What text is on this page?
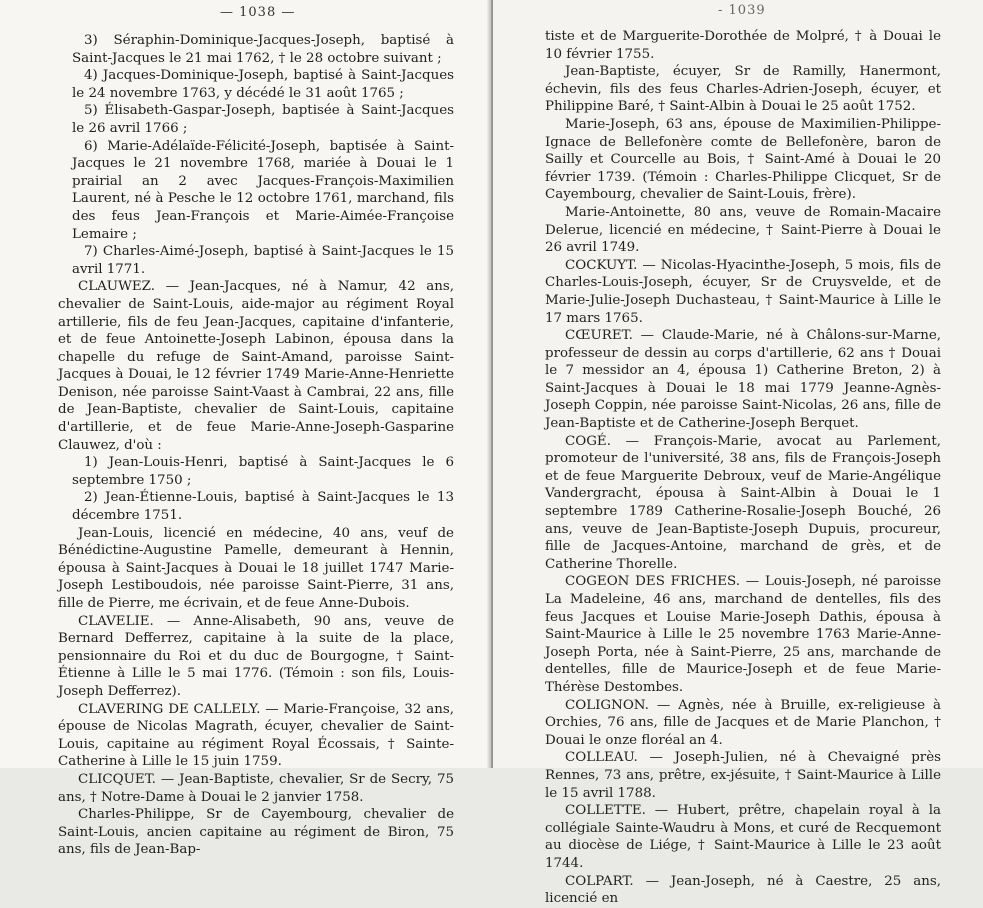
— 1038 —

3) Séraphin-Dominique-Jacques-Joseph, baptisé à Saint-Jacques le 21 mai 1762, † le 28 octobre suivant ;

4) Jacques-Dominique-Joseph, baptisé à Saint-Jacques le 24 novembre 1763, y décédé le 31 août 1765 ;

5) Élisabeth-Gaspar-Joseph, baptisée à Saint-Jacques le 26 avril 1766 ;

6) Marie-Adélaïde-Félicité-Joseph, baptisée à Saint-Jacques le 21 novembre 1768, mariée à Douai le 1 prairial an 2 avec Jacques-François-Maximilien Laurent, né à Pesche le 12 octobre 1761, marchand, fils des feus Jean-François et Marie-Aimée-Françoise Lemaire ;

7) Charles-Aimé-Joseph, baptisé à Saint-Jacques le 15 avril 1771.

CLAUWEZ. — Jean-Jacques, né à Namur, 42 ans, chevalier de Saint-Louis, aide-major au régiment Royal artillerie, fils de feu Jean-Jacques, capitaine d'infanterie, et de feue Antoinette-Joseph Labinon, épousa dans la chapelle du refuge de Saint-Amand, paroisse Saint-Jacques à Douai, le 12 février 1749 Marie-Anne-Henriette Denison, née paroisse Saint-Vaast à Cambrai, 22 ans, fille de Jean-Baptiste, chevalier de Saint-Louis, capitaine d'artillerie, et de feue Marie-Anne-Joseph-Gasparine Clauwez, d'où :

1) Jean-Louis-Henri, baptisé à Saint-Jacques le 6 septembre 1750 ;

2) Jean-Étienne-Louis, baptisé à Saint-Jacques le 13 décembre 1751.

Jean-Louis, licencié en médecine, 40 ans, veuf de Bénédictine-Augustine Pamelle, demeurant à Hennin, épousa à Saint-Jacques à Douai le 18 juillet 1747 Marie-Joseph Lestiboudois, née paroisse Saint-Pierre, 31 ans, fille de Pierre, me écrivain, et de feue Anne-Dubois.

CLAVELIE. — Anne-Alisabeth, 90 ans, veuve de Bernard Defferrez, capitaine à la suite de la place, pensionnaire du Roi et du duc de Bourgogne, † Saint-Étienne à Lille le 5 mai 1776. (Témoin : son fils, Louis-Joseph Defferrez).

CLAVERING DE CALLELY. — Marie-Françoise, 32 ans, épouse de Nicolas Magrath, écuyer, chevalier de Saint-Louis, capitaine au régiment Royal Écossais, † Sainte-Catherine à Lille le 15 juin 1759.

CLICQUET. — Jean-Baptiste, chevalier, Sr de Secry, 75 ans, † Notre-Dame à Douai le 2 janvier 1758.

Charles-Philippe, Sr de Cayembourg, chevalier de Saint-Louis, ancien capitaine au régiment de Biron, 75 ans, fils de Jean-Bap-

- 1039

tiste et de Marguerite-Dorothée de Molpré, † à Douai le 10 février 1755.

Jean-Baptiste, écuyer, Sr de Ramilly, Hanermont, échevin, fils des feus Charles-Adrien-Joseph, écuyer, et Philippine Baré, † Saint-Albin à Douai le 25 août 1752.

Marie-Joseph, 63 ans, épouse de Maximilien-Philippe-Ignace de Bellefonère comte de Bellefonère, baron de Sailly et Courcelle au Bois, † Saint-Amé à Douai le 20 février 1739. (Témoin : Charles-Philippe Clicquet, Sr de Cayembourg, chevalier de Saint-Louis, frère).

Marie-Antoinette, 80 ans, veuve de Romain-Macaire Delerue, licencié en médecine, † Saint-Pierre à Douai le 26 avril 1749.

COCKUYT. — Nicolas-Hyacinthe-Joseph, 5 mois, fils de Charles-Louis-Joseph, écuyer, Sr de Cruysvelde, et de Marie-Julie-Joseph Duchasteau, † Saint-Maurice à Lille le 17 mars 1765.

CŒURET. — Claude-Marie, né à Châlons-sur-Marne, professeur de dessin au corps d'artillerie, 62 ans † Douai le 7 messidor an 4, épousa 1) Catherine Breton, 2) à Saint-Jacques à Douai le 18 mai 1779 Jeanne-Agnès-Joseph Coppin, née paroisse Saint-Nicolas, 26 ans, fille de Jean-Baptiste et de Catherine-Joseph Berquet.

COGÉ. — François-Marie, avocat au Parlement, promoteur de l'université, 38 ans, fils de François-Joseph et de feue Marguerite Debroux, veuf de Marie-Angélique Vandergracht, épousa à Saint-Albin à Douai le 1 septembre 1789 Catherine-Rosalie-Joseph Bouché, 26 ans, veuve de Jean-Baptiste-Joseph Dupuis, procureur, fille de Jacques-Antoine, marchand de grès, et de Catherine Thorelle.

COGEON DES FRICHES. — Louis-Joseph, né paroisse La Madeleine, 46 ans, marchand de dentelles, fils des feus Jacques et Louise Marie-Joseph Dathis, épousa à Saint-Maurice à Lille le 25 novembre 1763 Marie-Anne-Joseph Porta, née à Saint-Pierre, 25 ans, marchande de dentelles, fille de Maurice-Joseph et de feue Marie-Thérèse Destombes.

COLIGNON. — Agnès, née à Bruille, ex-religieuse à Orchies, 76 ans, fille de Jacques et de Marie Planchon, † Douai le onze floréal an 4.

COLLEAU. — Joseph-Julien, né à Chevaigné près Rennes, 73 ans, prêtre, ex-jésuite, † Saint-Maurice à Lille le 15 avril 1788.

COLLETTE. — Hubert, prêtre, chapelain royal à la collégiale Sainte-Waudru à Mons, et curé de Recquemont au diocèse de Liége, † Saint-Maurice à Lille le 23 août 1744.

COLPART. — Jean-Joseph, né à Caestre, 25 ans, licencié en
